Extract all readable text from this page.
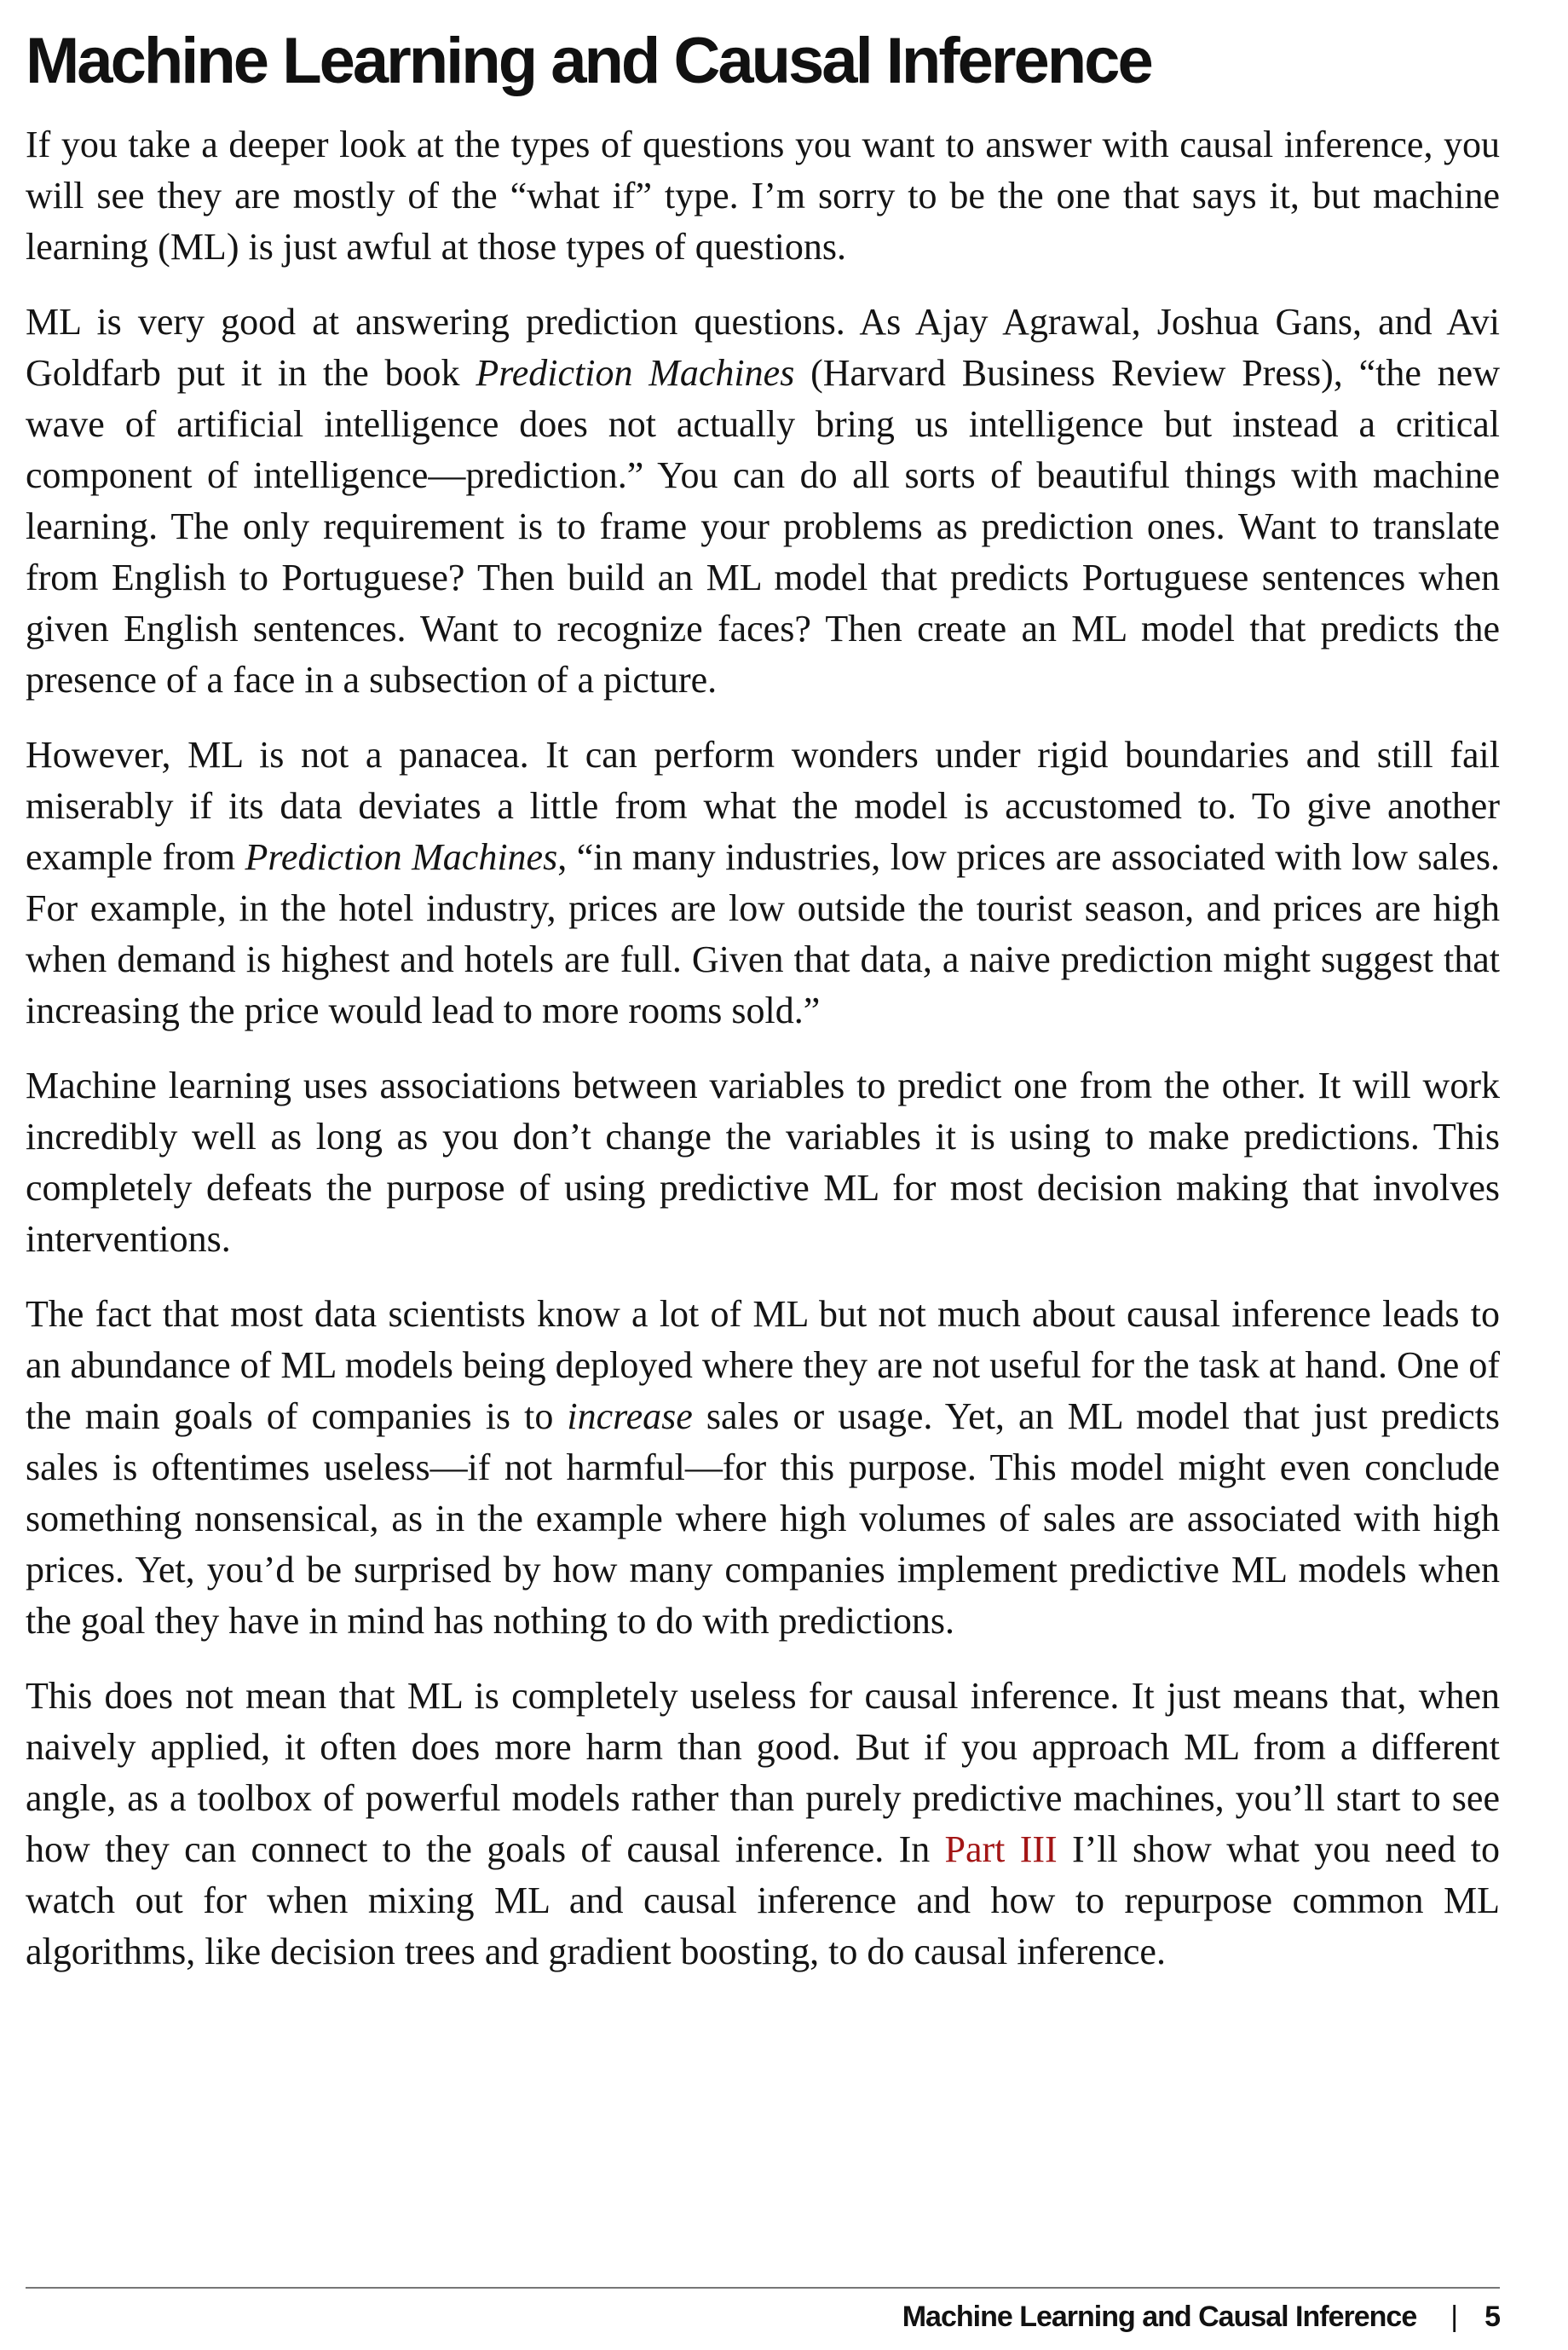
Machine Learning and Causal Inference

If you take a deeper look at the types of questions you want to answer with causal inference, you will see they are mostly of the “what if” type. I’m sorry to be the one that says it, but machine learning (ML) is just awful at those types of questions.

ML is very good at answering prediction questions. As Ajay Agrawal, Joshua Gans, and Avi Goldfarb put it in the book Prediction Machines (Harvard Business Review Press), “the new wave of artificial intelligence does not actually bring us intelligence but instead a critical component of intelligence—prediction.” You can do all sorts of beautiful things with machine learning. The only requirement is to frame your problems as prediction ones. Want to translate from English to Portuguese? Then build an ML model that predicts Portuguese sentences when given English sentences. Want to recognize faces? Then create an ML model that predicts the presence of a face in a subsection of a picture.

However, ML is not a panacea. It can perform wonders under rigid boundaries and still fail miserably if its data deviates a little from what the model is accustomed to. To give another example from Prediction Machines, “in many industries, low prices are associated with low sales. For example, in the hotel industry, prices are low outside the tourist season, and prices are high when demand is highest and hotels are full. Given that data, a naive prediction might suggest that increasing the price would lead to more rooms sold.”

Machine learning uses associations between variables to predict one from the other. It will work incredibly well as long as you don’t change the variables it is using to make predictions. This completely defeats the purpose of using predictive ML for most decision making that involves interventions.

The fact that most data scientists know a lot of ML but not much about causal inference leads to an abundance of ML models being deployed where they are not useful for the task at hand. One of the main goals of companies is to increase sales or usage. Yet, an ML model that just predicts sales is oftentimes useless—if not harmful—for this purpose. This model might even conclude something nonsensical, as in the example where high volumes of sales are associated with high prices. Yet, you’d be surprised by how many companies implement predictive ML models when the goal they have in mind has nothing to do with predictions.

This does not mean that ML is completely useless for causal inference. It just means that, when naively applied, it often does more harm than good. But if you approach ML from a different angle, as a toolbox of powerful models rather than purely predictive machines, you’ll start to see how they can connect to the goals of causal inference. In Part III I’ll show what you need to watch out for when mixing ML and causal inference and how to repurpose common ML algorithms, like decision trees and gradient boosting, to do causal inference.

Machine Learning and Causal Inference | 5
